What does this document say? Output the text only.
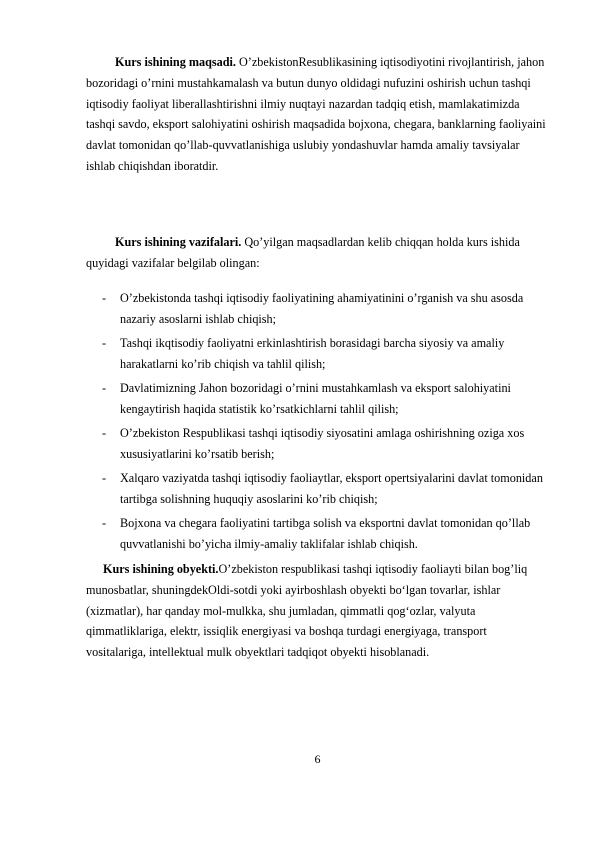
Kurs ishining maqsadi. O’zbekistonResublikasining iqtisodiyotini rivojlantirish, jahon bozoridagi o’rnini mustahkamalash va butun dunyo oldidagi nufuzini oshirish uchun tashqi iqtisodiy faoliyat liberallashtirishni ilmiy nuqtayi nazardan tadqiq etish, mamlakatimizda tashqi savdo, eksport salohiyatini oshirish maqsadida bojxona, chegara, banklarning faoliyaini davlat tomonidan qo’llab-quvvatlanishiga uslubiy yondashuvlar hamda amaliy tavsiyalar ishlab chiqishdan iboratdir.

Kurs ishining vazifalari. Qo’yilgan maqsadlardan kelib chiqqan holda kurs ishida quyidagi vazifalar belgilab olingan:

- O’zbekistonda tashqi iqtisodiy faoliyatining ahamiyatinini o’rganish va shu asosda nazariy asoslarni ishlab chiqish;
- Tashqi ikqtisodiy faoliyatni erkinlashtirish borasidagi barcha siyosiy va amaliy harakatlarni ko’rib chiqish va tahlil qilish;
- Davlatimizning Jahon bozoridagi o’rnini mustahkamlash va eksport salohiyatini kengaytirish haqida statistik ko’rsatkichlarni tahlil qilish;
- O’zbekiston Respublikasi tashqi iqtisodiy siyosatini amlaga oshirishning oziga xos xususiyatlarini ko’rsatib berish;
- Xalqaro vaziyatda tashqi iqtisodiy faoliaytlar, eksport opertsiyalarini davlat tomonidan tartibga solishning huquqiy asoslarini ko’rib chiqish;
- Bojxona va chegara faoliyatini tartibga solish va eksportni davlat tomonidan qo’llab quvvatlanishi bo’yicha ilmiy-amaliy taklifalar ishlab chiqish.

Kurs ishining obyekti.O’zbekiston respublikasi tashqi iqtisodiy faoliayti bilan bog’liq munosbatlar, shuningdekOldi-sotdi yoki ayirboshlash obyekti bo‘lgan tovarlar, ishlar (xizmatlar), har qanday mol-mulkka, shu jumladan, qimmatli qog‘ozlar, valyuta qimmatliklariga, elektr, issiqlik energiyasi va boshqa turdagi energiyaga, transport vositalariga, intellektual mulk obyektlari tadqiqot obyekti hisoblanadi.

6
